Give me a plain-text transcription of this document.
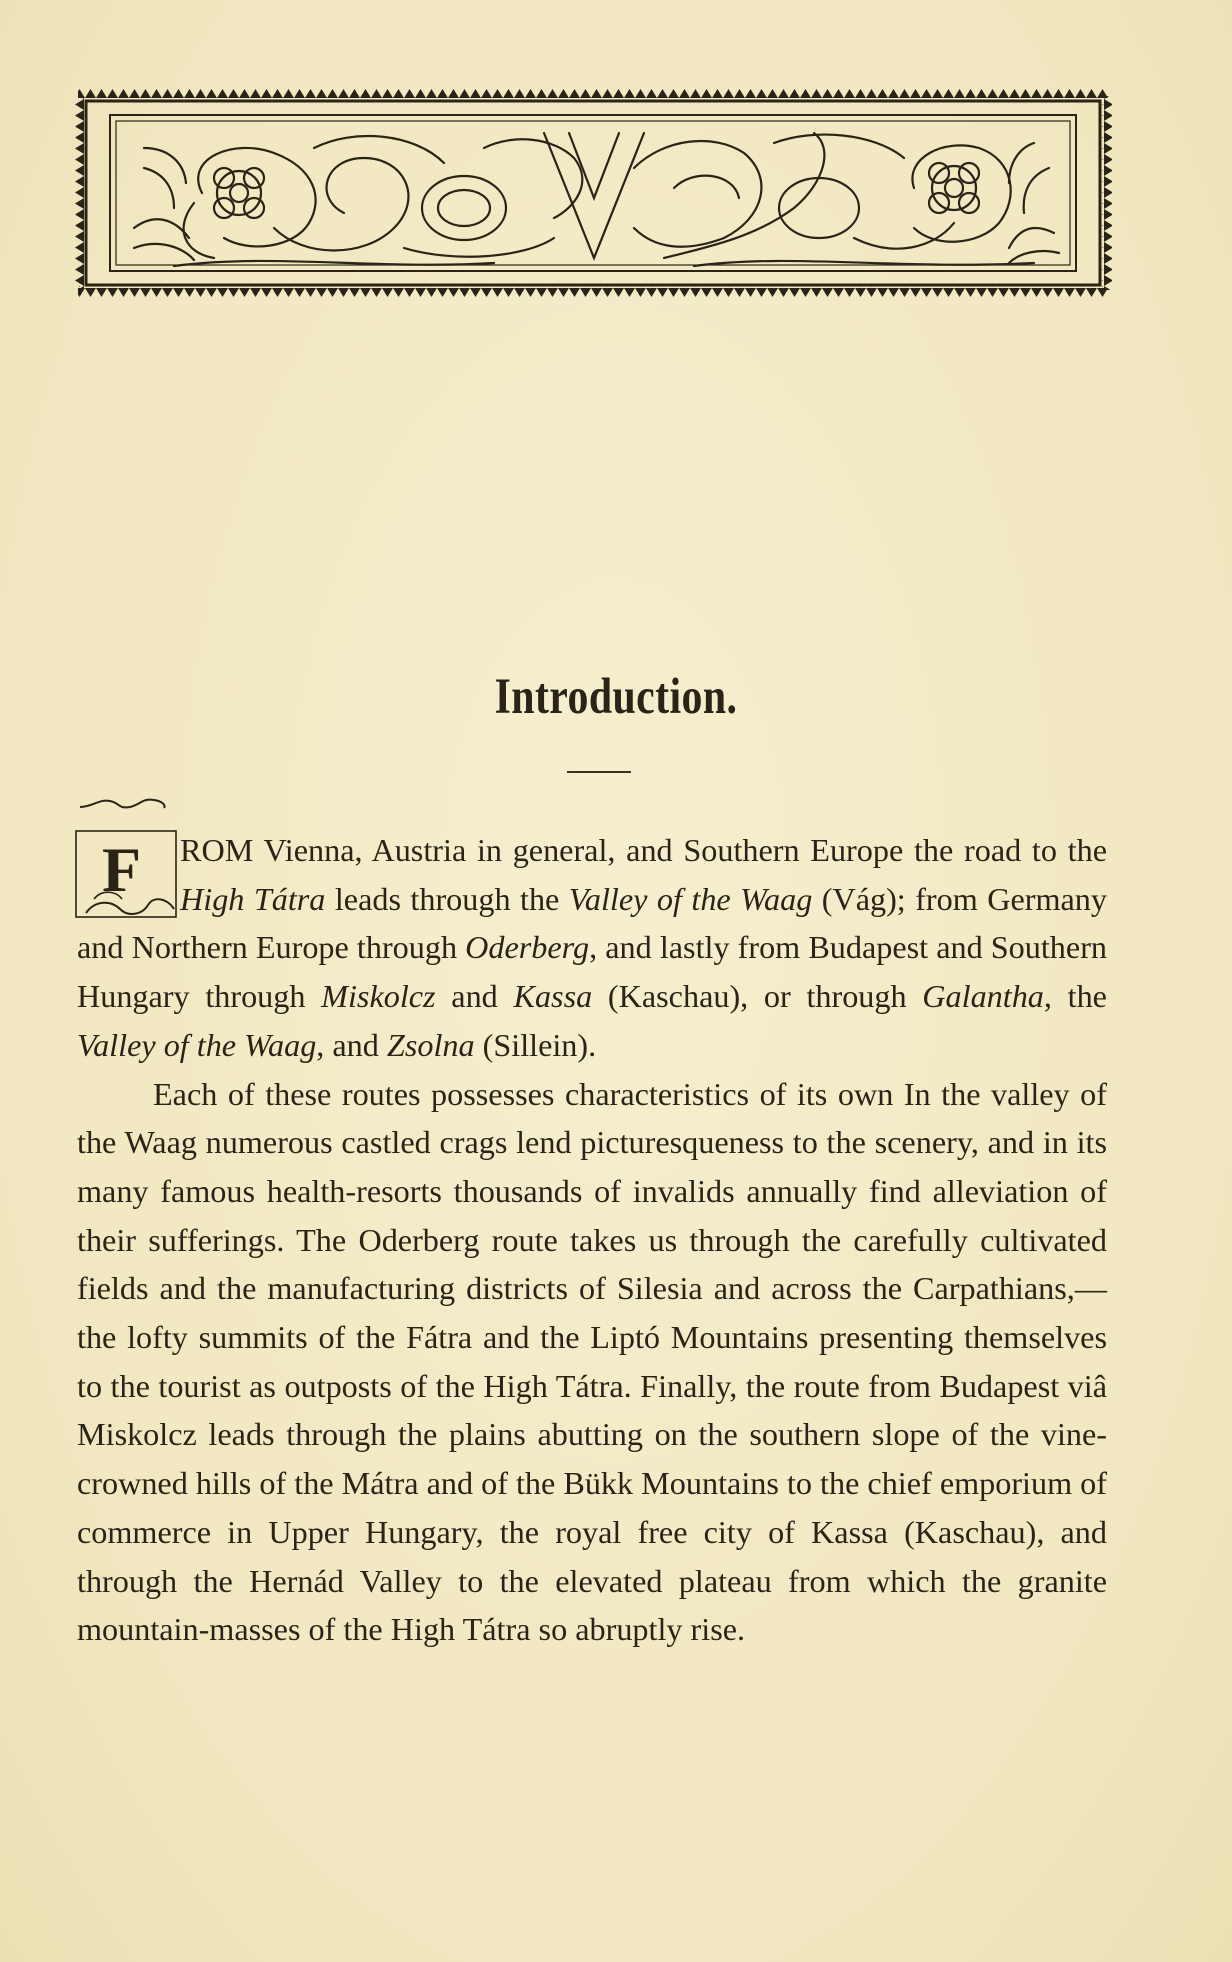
Introduction.
F	ROM Vienna, Austria in general, and Southern Europe the road to the High Tátra leads through the Valley of the Waag (Vág); from Germany and Northern Europe through Oderberg, and lastly from Budapest and Southern Hungary through Miskolcz and Kassa (Kaschau), or through Galantha, the Valley of the Waag, and Zsolna (Sillein).

Each of these routes possesses characteristics of its own In the valley of the Waag numerous castled crags lend picturesqueness to the scenery, and in its many famous health-resorts thousands of invalids annually find alleviation of their sufferings. The Oderberg route takes us through the carefully cultivated fields and the manufacturing districts of Silesia and across the Carpathians,—the lofty summits of the Fátra and the Liptó Mountains presenting themselves to the tourist as outposts of the High Tátra. Finally, the route from Budapest viâ Miskolcz leads through the plains abutting on the southern slope of the vine-crowned hills of the Mátra and of the Bükk Mountains to the chief emporium of commerce in Upper Hungary, the royal free city of Kassa (Kaschau), and through the Hernád Valley to the elevated plateau from which the granite mountain-masses of the High Tátra so abruptly rise.
